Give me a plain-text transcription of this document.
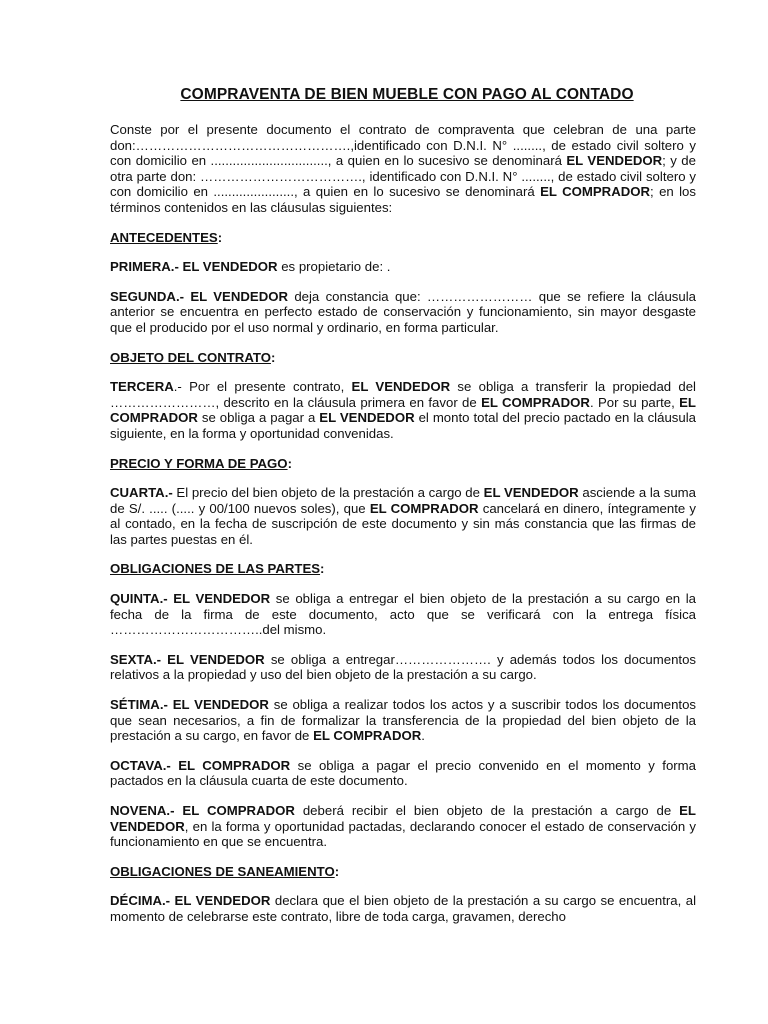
COMPRAVENTA DE BIEN MUEBLE CON PAGO AL CONTADO

Conste por el presente documento el contrato de compraventa que celebran de una parte don:………………………………………….,identificado con D.N.I. N° ........, de estado civil soltero y con domicilio en ................................, a quien en lo sucesivo se denominará EL VENDEDOR; y de otra parte don: ………………………………., identificado con D.N.I. N° ........, de estado civil soltero y con domicilio en ......................, a quien en lo sucesivo se denominará EL COMPRADOR; en los términos contenidos en las cláusulas siguientes:

ANTECEDENTES:

PRIMERA.- EL VENDEDOR es propietario de: .

SEGUNDA.- EL VENDEDOR deja constancia que: …………………… que se refiere la cláusula anterior se encuentra en perfecto estado de conservación y funcionamiento, sin mayor desgaste que el producido por el uso normal y ordinario, en forma particular.

OBJETO DEL CONTRATO:

TERCERA.- Por el presente contrato, EL VENDEDOR se obliga a transferir la propiedad del ……………………, descrito en la cláusula primera en favor de EL COMPRADOR. Por su parte, EL COMPRADOR se obliga a pagar a EL VENDEDOR el monto total del precio pactado en la cláusula siguiente, en la forma y oportunidad convenidas.

PRECIO Y FORMA DE PAGO:

CUARTA.- El precio del bien objeto de la prestación a cargo de EL VENDEDOR asciende a la suma de S/. ..... (..... y 00/100 nuevos soles), que EL COMPRADOR cancelará en dinero, íntegramente y al contado, en la fecha de suscripción de este documento y sin más constancia que las firmas de las partes puestas en él.

OBLIGACIONES DE LAS PARTES:

QUINTA.- EL VENDEDOR se obliga a entregar el bien objeto de la prestación a su cargo en la fecha de la firma de este documento, acto que se verificará con la entrega física ……………………………..del mismo.

SEXTA.- EL VENDEDOR se obliga a entregar…………………. y además todos los documentos relativos a la propiedad y uso del bien objeto de la prestación a su cargo.

SÉTIMA.- EL VENDEDOR se obliga a realizar todos los actos y a suscribir todos los documentos que sean necesarios, a fin de formalizar la transferencia de la propiedad del bien objeto de la prestación a su cargo, en favor de EL COMPRADOR.

OCTAVA.- EL COMPRADOR se obliga a pagar el precio convenido en el momento y forma pactados en la cláusula cuarta de este documento.

NOVENA.- EL COMPRADOR deberá recibir el bien objeto de la prestación a cargo de EL VENDEDOR, en la forma y oportunidad pactadas, declarando conocer el estado de conservación y funcionamiento en que se encuentra.

OBLIGACIONES DE SANEAMIENTO:

DÉCIMA.- EL VENDEDOR declara que el bien objeto de la prestación a su cargo se encuentra, al momento de celebrarse este contrato, libre de toda carga, gravamen, derecho
